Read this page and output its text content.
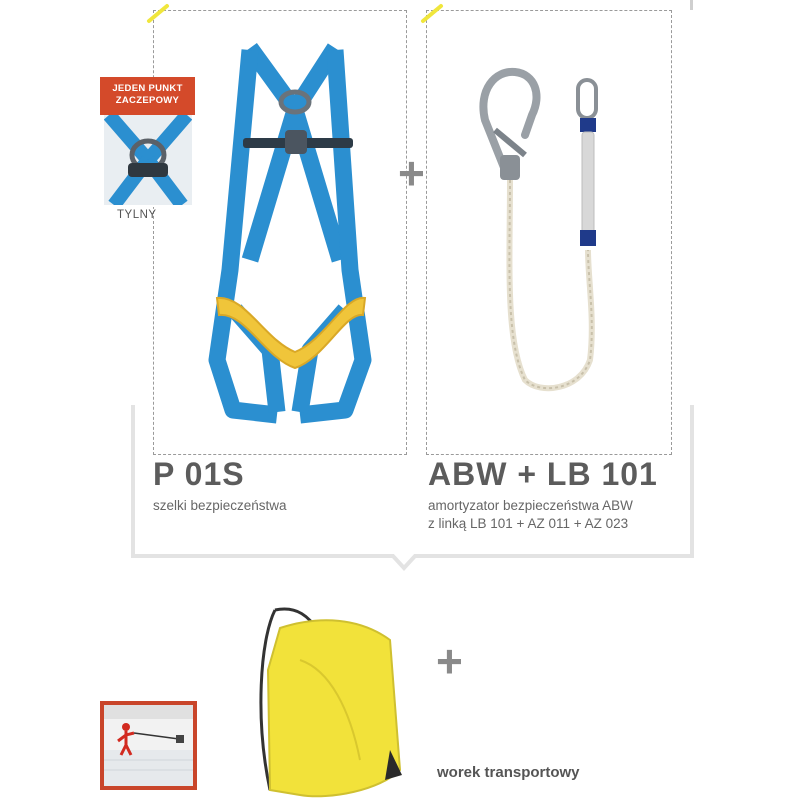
JEDEN PUNKT
ZACZEPOWY
TYLNY
+
P 01S
szelki bezpieczeństwa
ABW + LB 101
amortyzator bezpieczeństwa ABW
z linką LB 101 + AZ 011 + AZ 023
+
worek transportowy
